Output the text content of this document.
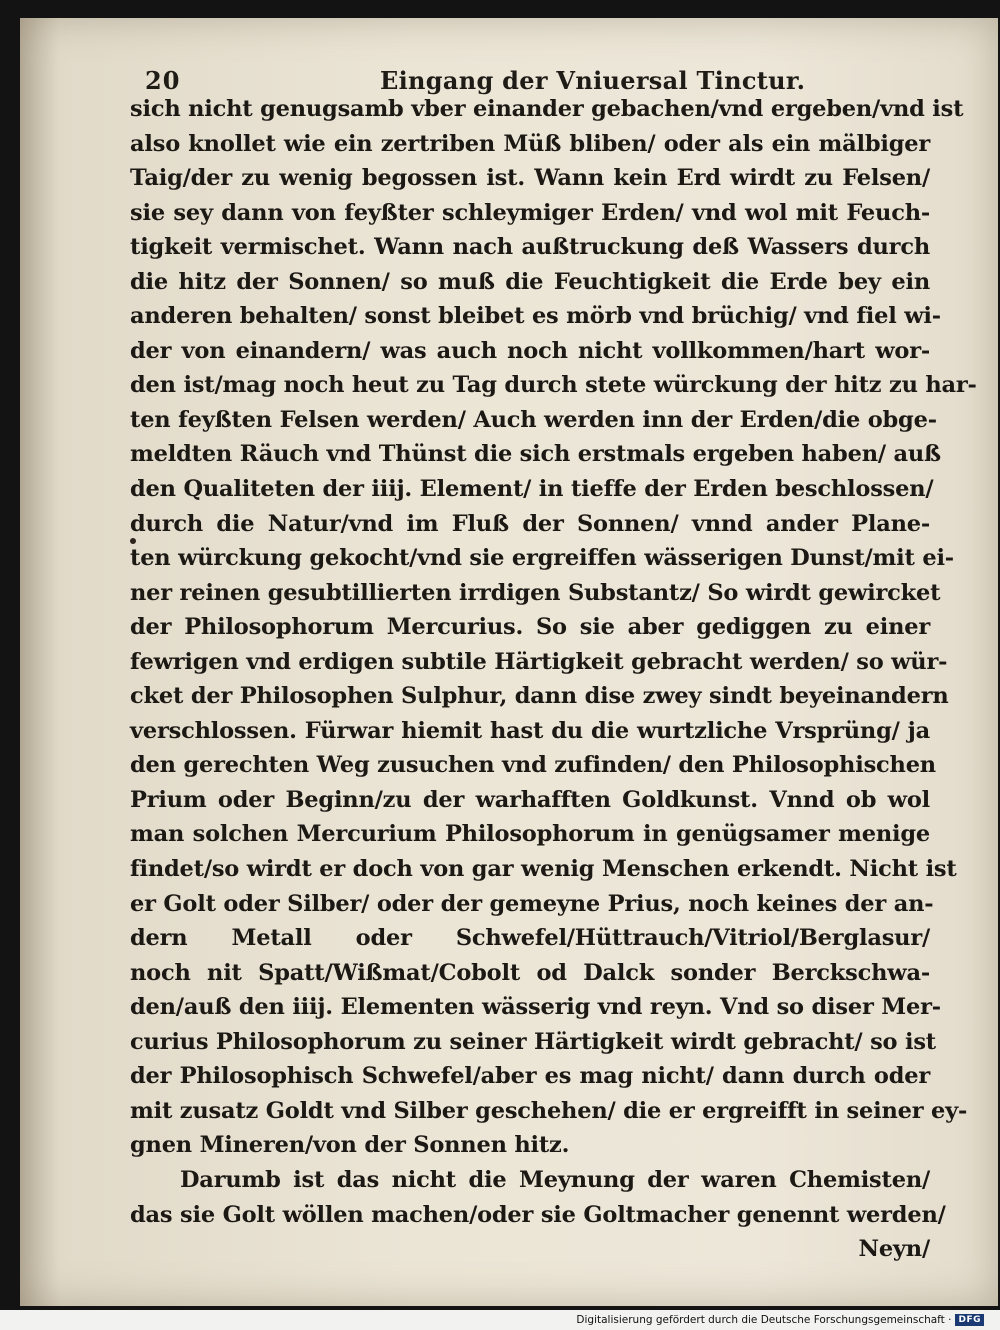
20	Eingang der Vniuersal Tinctur.
sich nicht genugsamb vber einander gebachen/vnd ergeben/vnd ist
also knollet wie ein zertriben Müß bliben/ oder als ein mälbiger
Taig/der zu wenig begossen ist. Wann kein Erd wirdt zu Felsen/
sie sey dann von feyßter schleymiger Erden/ vnd wol mit Feuch-
tigkeit vermischet. Wann nach außtruckung deß Wassers durch
die hitz der Sonnen/ so muß die Feuchtigkeit die Erde bey ein
anderen behalten/ sonst bleibet es mörb vnd brüchig/ vnd fiel wi-
der von einandern/ was auch noch nicht vollkommen/hart wor-
den ist/mag noch heut zu Tag durch stete würckung der hitz zu har-
ten feyßten Felsen werden/ Auch werden inn der Erden/die obge-
meldten Räuch vnd Thünst die sich erstmals ergeben haben/ auß
den Qualiteten der iiij. Element/ in tieffe der Erden beschlossen/
durch die Natur/vnd im Fluß der Sonnen/ vnnd ander Plane-
ten würckung gekocht/vnd sie ergreiffen wässerigen Dunst/mit ei-
ner reinen gesubtillierten irrdigen Substantz/ So wirdt gewircket
der Philosophorum Mercurius. So sie aber gediggen zu einer
fewrigen vnd erdigen subtile Härtigkeit gebracht werden/ so wür-
cket der Philosophen Sulphur, dann dise zwey sindt beyeinandern
verschlossen. Fürwar hiemit hast du die wurtzliche Vrsprüng/ ja
den gerechten Weg zusuchen vnd zufinden/ den Philosophischen
Prium oder Beginn/zu der warhafften Goldkunst. Vnnd ob wol
man solchen Mercurium Philosophorum in genügsamer menige
findet/so wirdt er doch von gar wenig Menschen erkendt. Nicht ist
er Golt oder Silber/ oder der gemeyne Prius, noch keines der an-
dern Metall oder Schwefel/Hüttrauch/Vitriol/Berglasur/
noch nit Spatt/Wißmat/Cobolt od Dalck sonder Berckschwa-
den/auß den iiij. Elementen wässerig vnd reyn. Vnd so diser Mer-
curius Philosophorum zu seiner Härtigkeit wirdt gebracht/ so ist
der Philosophisch Schwefel/aber es mag nicht/ dann durch oder
mit zusatz Goldt vnd Silber geschehen/ die er ergreifft in seiner ey-
gnen Mineren/von der Sonnen hitz.
Darumb ist das nicht die Meynung der waren Chemisten/
das sie Golt wöllen machen/oder sie Goltmacher genennt werden/
Neyn/
Digitalisierung gefördert durch die Deutsche Forschungsgemeinschaft · DFG
